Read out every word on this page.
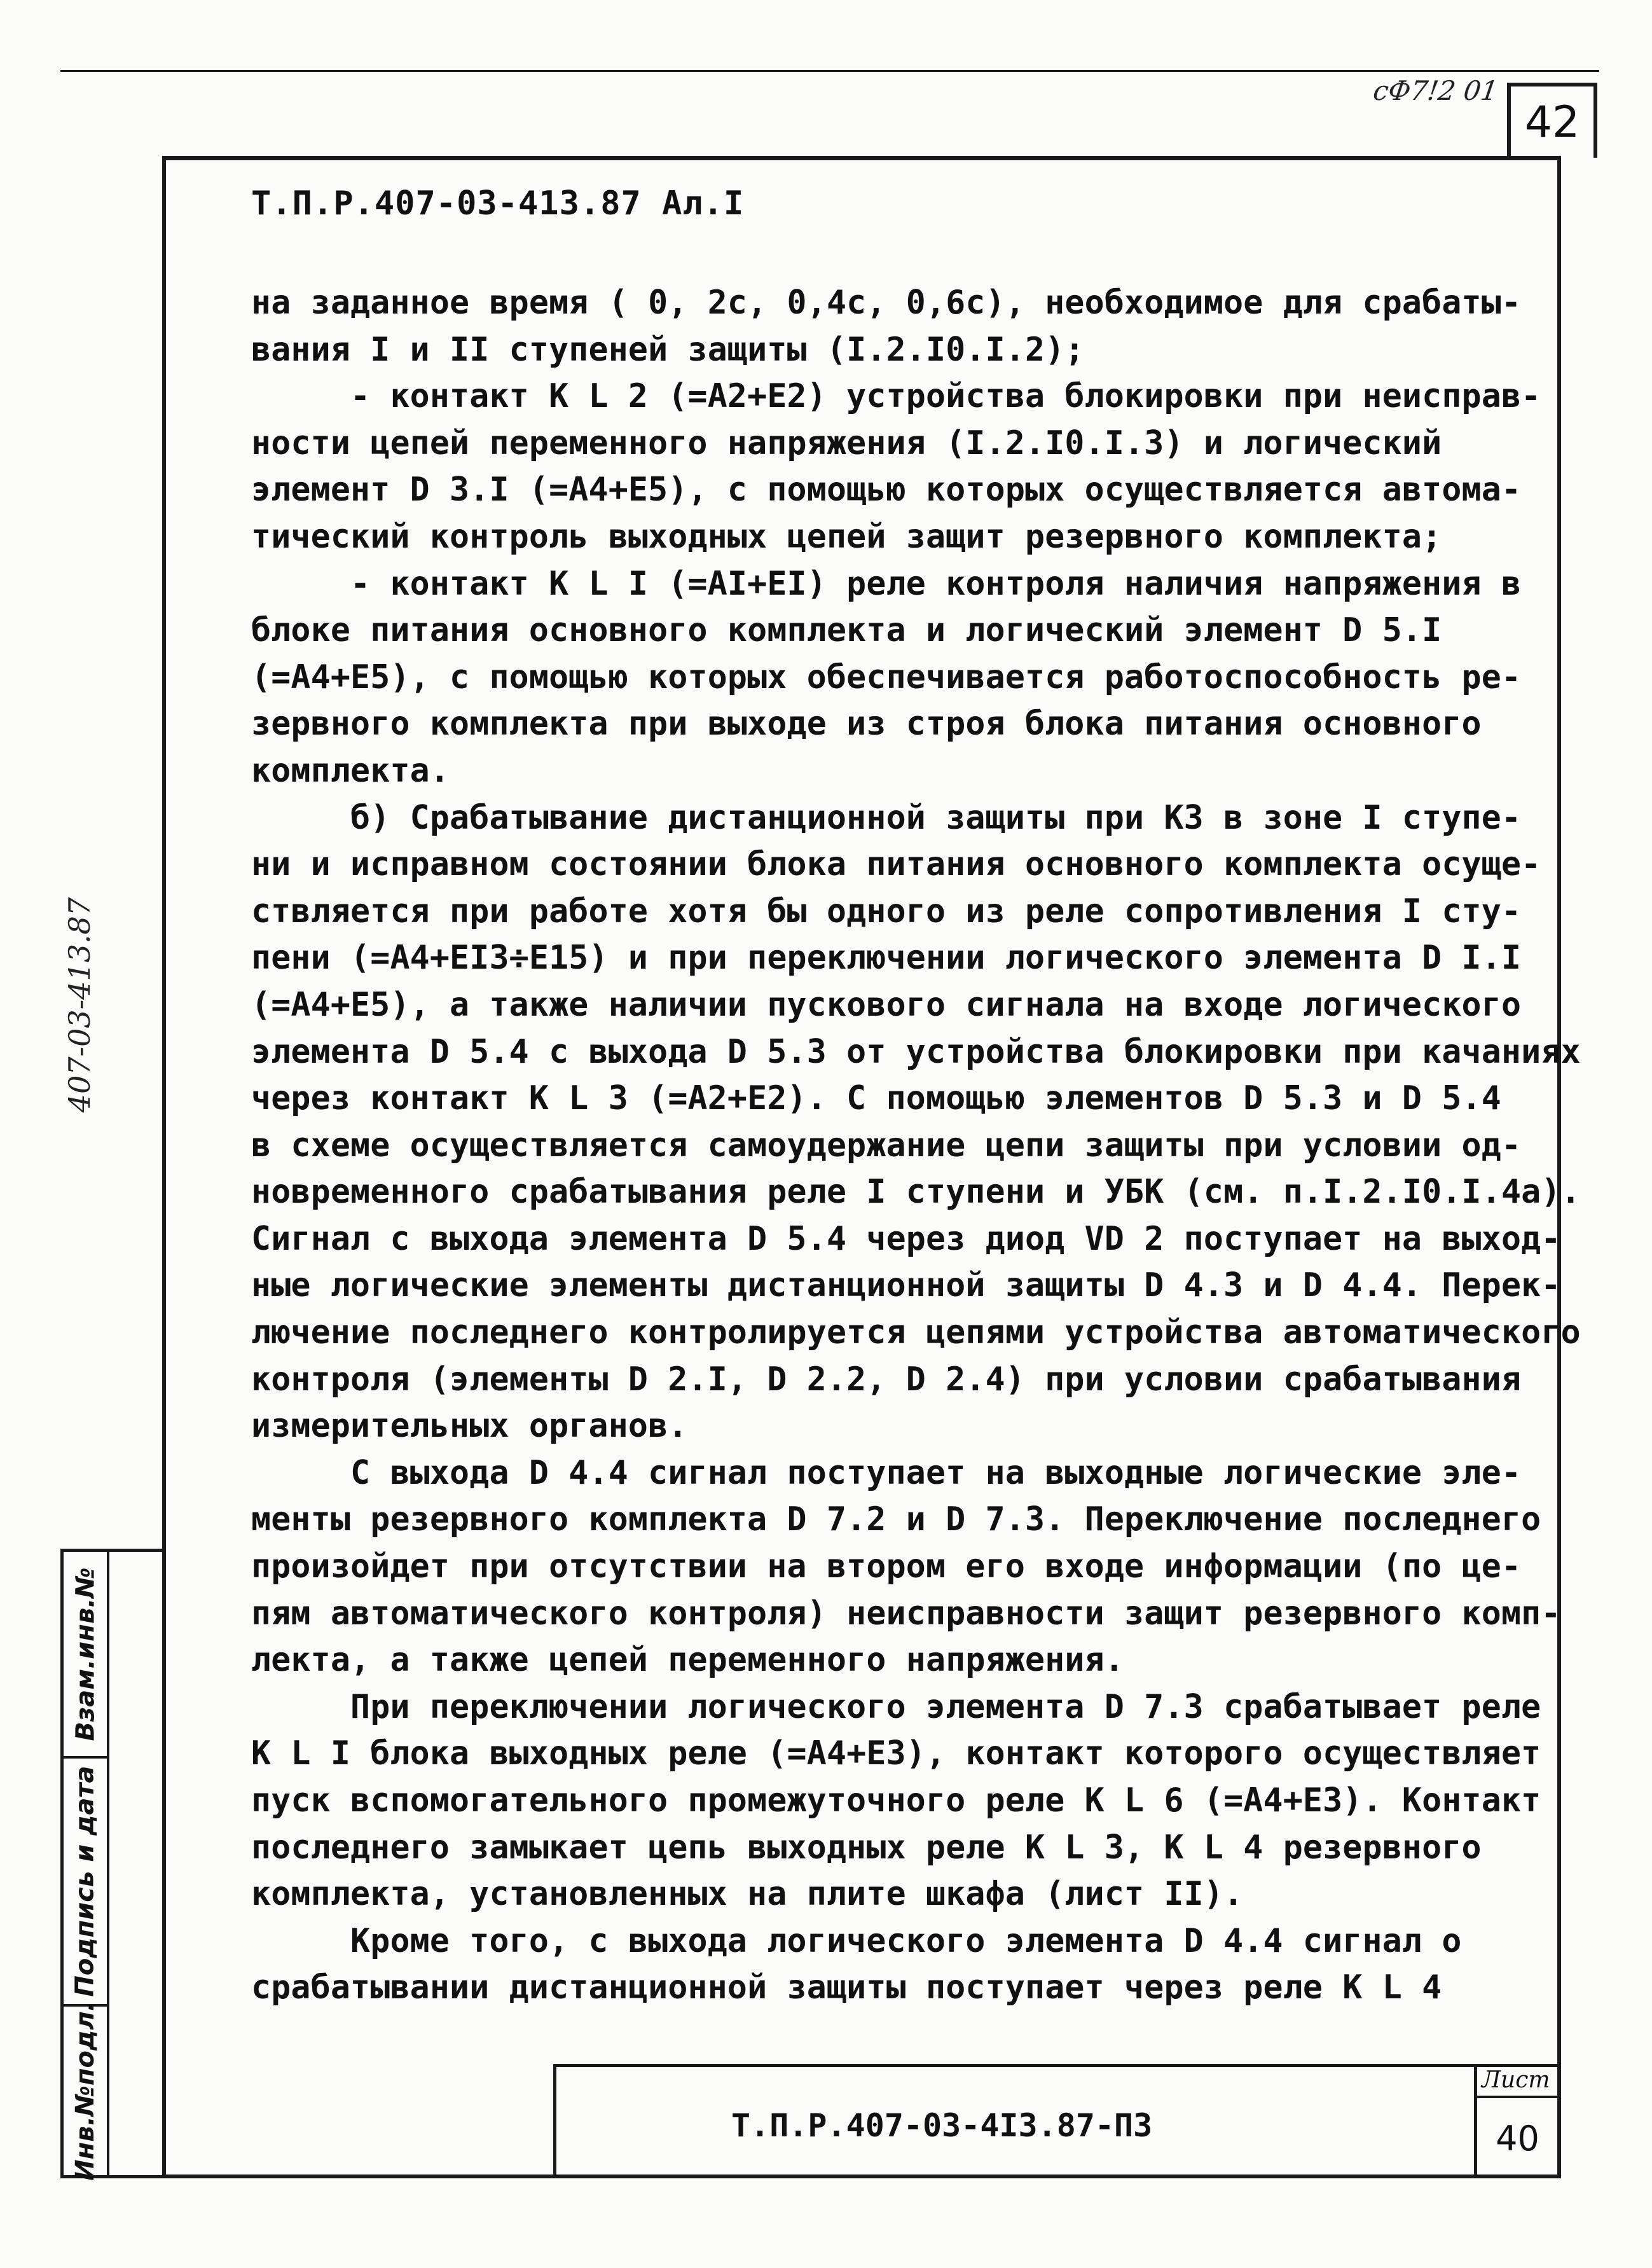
сФ7!2 01
42
Т.П.Р.407-03-413.87 Ал.I

на заданное время ( 0, 2с, 0,4с, 0,6с), необходимое для срабаты-

вания I и II ступеней защиты (I.2.I0.I.2);

- контакт К L 2 (=А2+Е2) устройства блокировки при неисправ-

ности цепей переменного напряжения (I.2.I0.I.3) и логический

элемент D 3.I (=А4+Е5), с помощью которых осуществляется автома-

тический контроль выходных цепей защит резервного комплекта;

- контакт К L I (=АI+ЕI) реле контроля наличия напряжения в

блоке питания основного комплекта и логический элемент D 5.I

(=А4+Е5), с помощью которых обеспечивается работоспособность ре-

зервного комплекта при выходе из строя блока питания основного

комплекта.

б) Срабатывание дистанционной защиты при КЗ в зоне I ступе-

ни и исправном состоянии блока питания основного комплекта осуще-

ствляется при работе хотя бы одного из реле сопротивления I сту-

пени (=А4+ЕI3÷Е15) и при переключении логического элемента D I.I

(=А4+Е5), а также наличии пускового сигнала на входе логического

элемента D 5.4 с выхода D 5.3 от устройства блокировки при качаниях

через контакт К L 3 (=А2+Е2). С помощью элементов D 5.3 и D 5.4

в схеме осуществляется самоудержание цепи защиты при условии од-

новременного срабатывания реле I ступени и УБК (см. п.I.2.I0.I.4а).

Сигнал с выхода элемента D 5.4 через диод VD 2 поступает на выход-

ные логические элементы дистанционной защиты D 4.3 и D 4.4. Перек-

лючение последнего контролируется цепями устройства автоматического

контроля (элементы D 2.I, D 2.2, D 2.4) при условии срабатывания

измерительных органов.

С выхода D 4.4 сигнал поступает на выходные логические эле-

менты резервного комплекта D 7.2 и D 7.3. Переключение последнего

произойдет при отсутствии на втором его входе информации (по це-

пям автоматического контроля) неисправности защит резервного комп-

лекта, а также цепей переменного напряжения.

При переключении логического элемента D 7.3 срабатывает реле

К L I блока выходных реле (=А4+Е3), контакт которого осуществляет

пуск вспомогательного промежуточного реле К L 6 (=А4+Е3). Контакт

последнего замыкает цепь выходных реле К L 3, К L 4 резервного

комплекта, установленных на плите шкафа (лист II).

Кроме того, с выхода логического элемента D 4.4 сигнал о

срабатывании дистанционной защиты поступает через реле К L 4

407-03-413.87
Взам.инв.№
Подпись и дата
Инв.№подл.	Т.П.Р.407-03-4I3.87-П3
Лист
40
